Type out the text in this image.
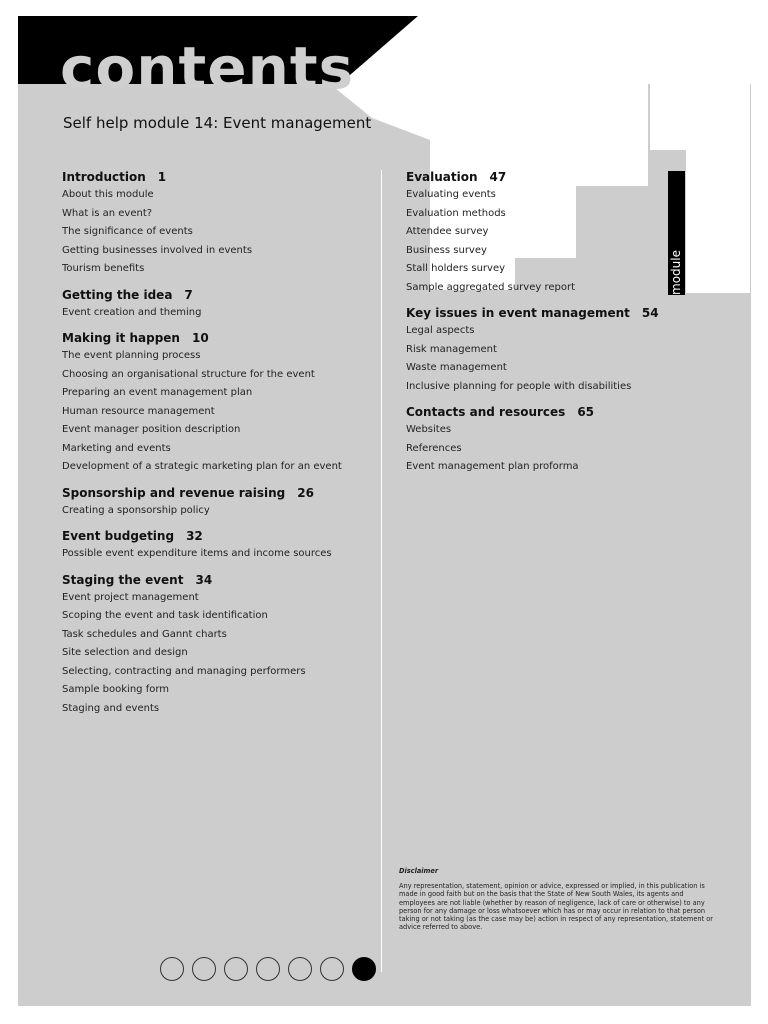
contents
Self help module 14: Event management
module
Introduction 1
About this module
What is an event?
The significance of events
Getting businesses involved in events
Tourism benefits
Getting the idea 7
Event creation and theming
Making it happen 10
The event planning process
Choosing an organisational structure for the event
Preparing an event management plan
Human resource management
Event manager position description
Marketing and events
Development of a strategic marketing plan for an event
Sponsorship and revenue raising 26
Creating a sponsorship policy
Event budgeting 32
Possible event expenditure items and income sources
Staging the event 34
Event project management
Scoping the event and task identification
Task schedules and Gannt charts
Site selection and design
Selecting, contracting and managing performers
Sample booking form
Staging and events
Evaluation 47
Evaluating events
Evaluation methods
Attendee survey
Business survey
Stall holders survey
Sample aggregated survey report
Key issues in event management 54
Legal aspects
Risk management
Waste management
Inclusive planning for people with disabilities
Contacts and resources 65
Websites
References
Event management plan proforma
Disclaimer
Any representation, statement, opinion or advice, expressed or implied, in this publication is made in good faith but on the basis that the State of New South Wales, its agents and employees are not liable (whether by reason of negligence, lack of care or otherwise) to any person for any damage or loss whatsoever which has or may occur in relation to that person taking or not taking (as the case may be) action in respect of any representation, statement or advice referred to above.
